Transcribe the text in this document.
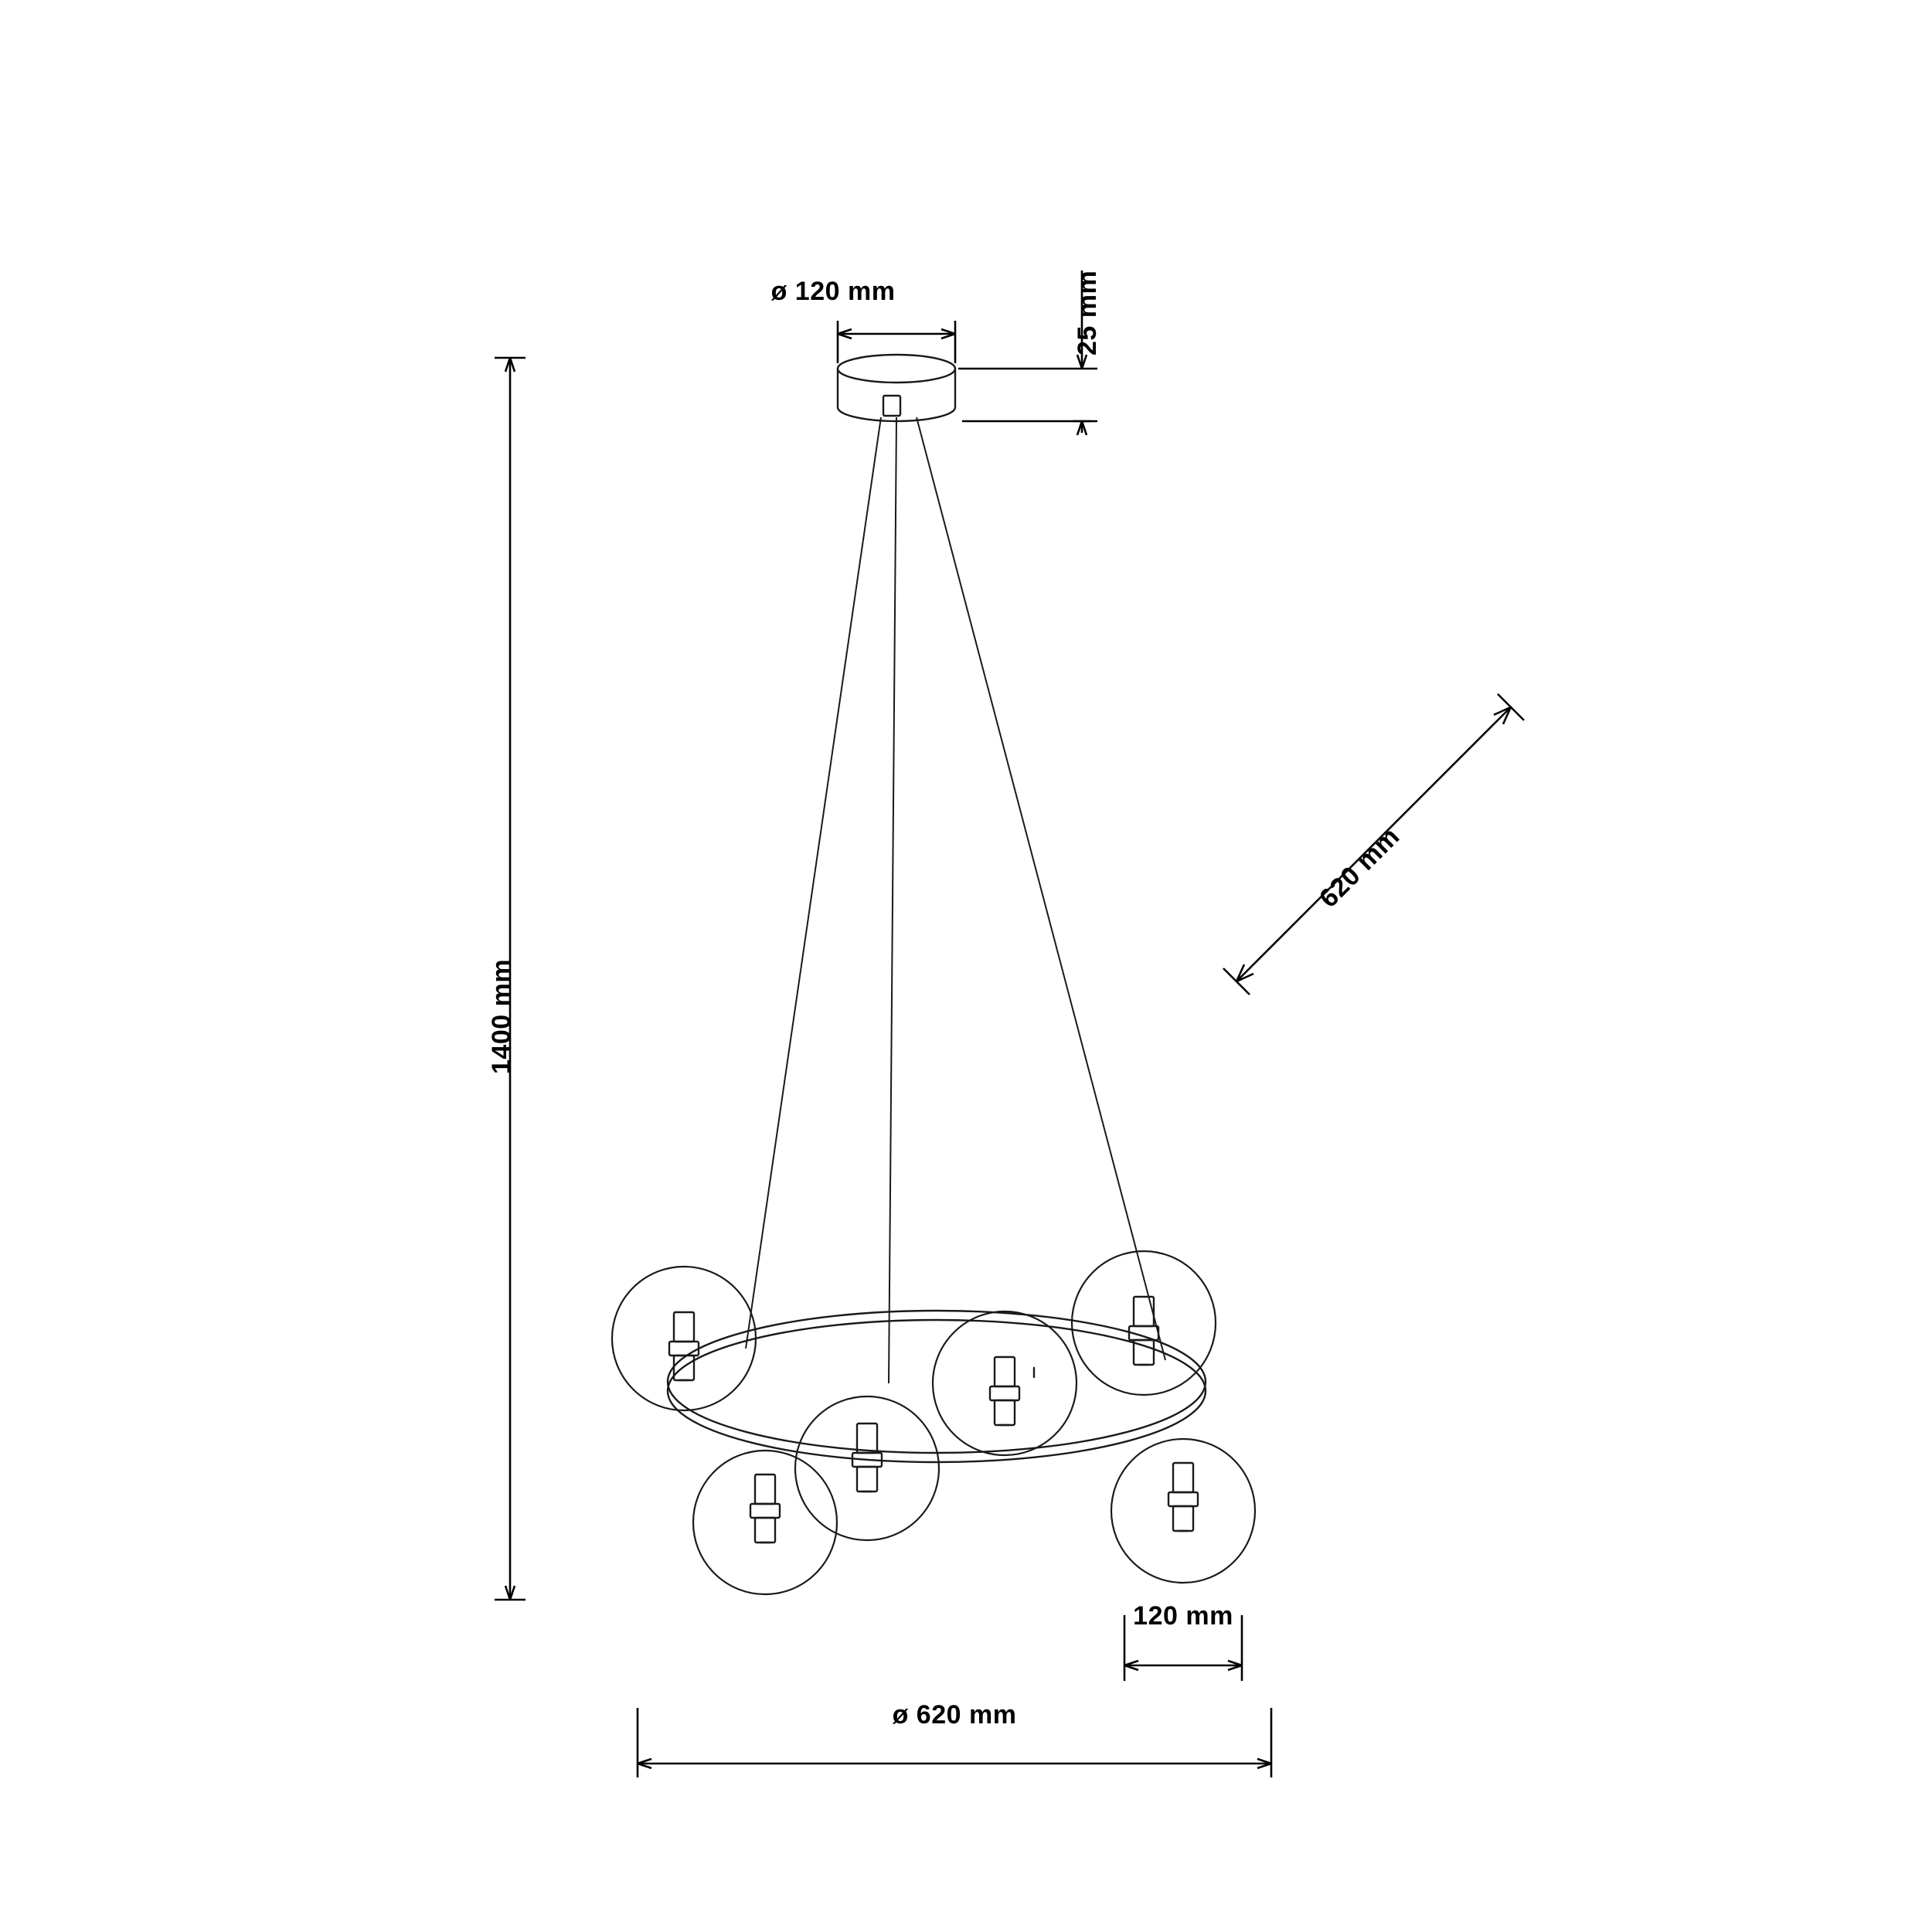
ø 120 mm	25 mm
1400 mm
620 mm
120 mm
ø 620 mm
